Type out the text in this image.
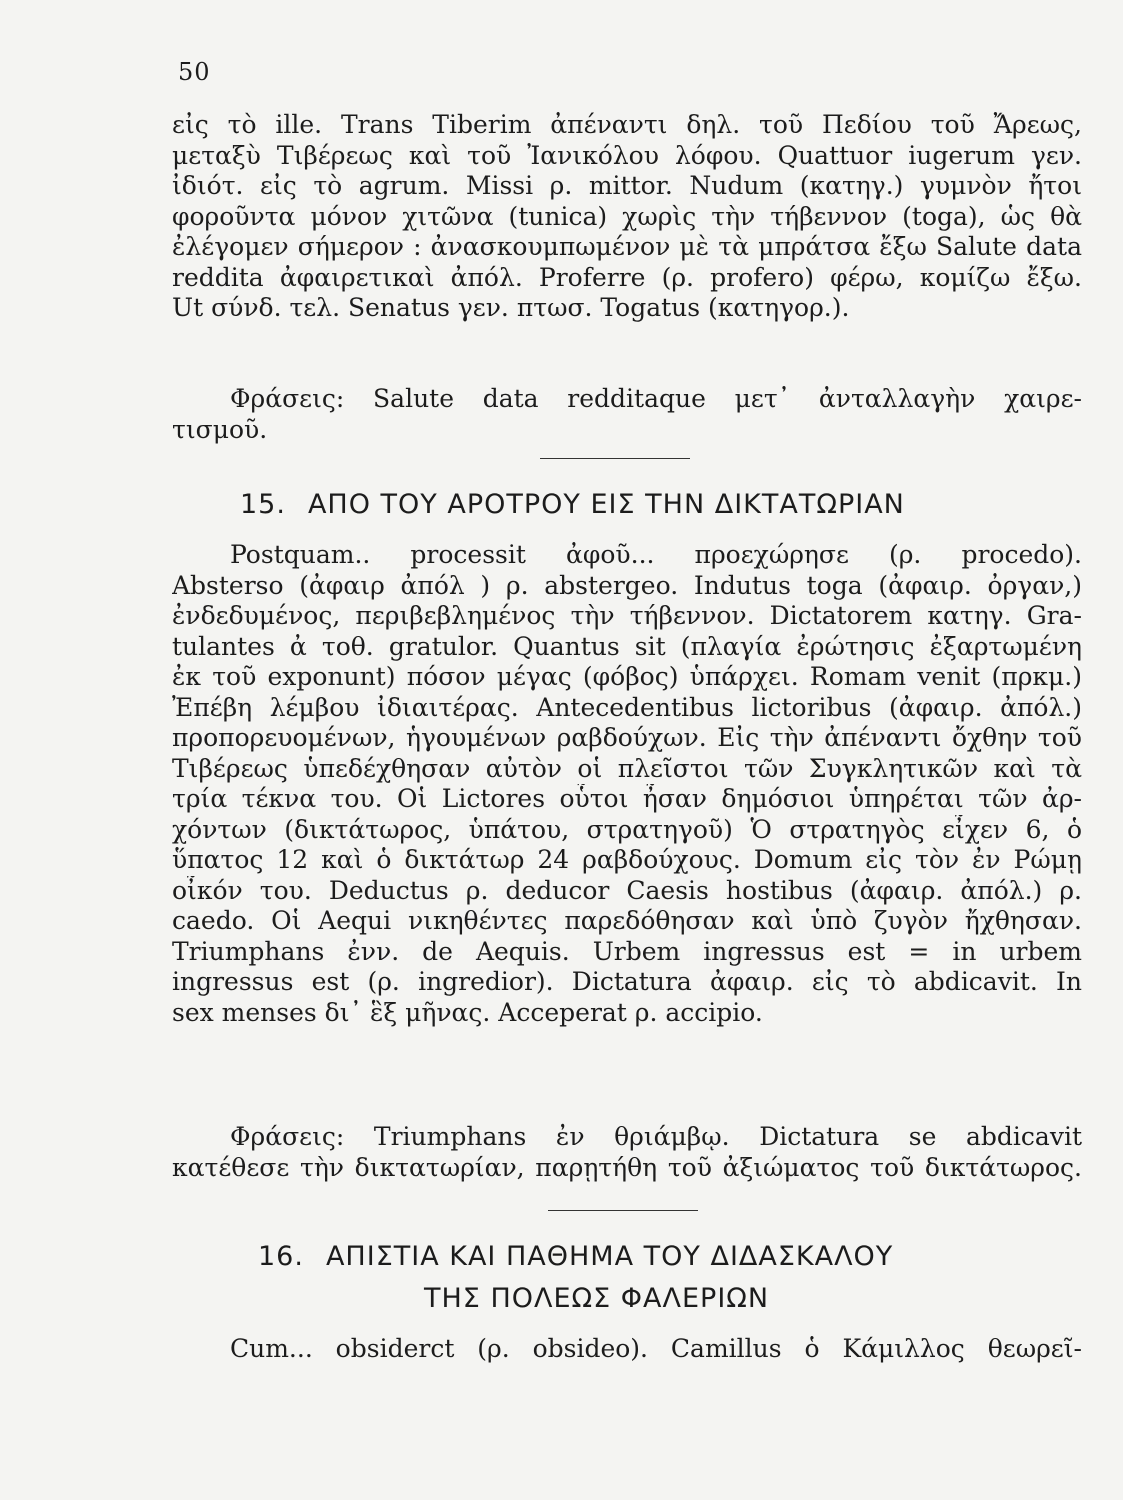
50
εἰς τὸ ille. Trans Tiberim ἀπέναντι δηλ. τοῦ Πεδίου τοῦ Ἄρεως,
μεταξὺ Τιβέρεως καὶ τοῦ Ἰανικόλου λόφου. Quattuor iugerum γεν.
ἰδιότ. εἰς τὸ agrum. Missi ρ. mittor. Nudum (κατηγ.) γυμνὸν ἤτοι
φοροῦντα μόνον χιτῶνα (tunica) χωρὶς τὴν τήβεννον (toga), ὡς θὰ
ἐλέγομεν σήμερον : ἀνασκουμπωμένον μὲ τὰ μπράτσα ἔξω Salute data
reddita ἀφαιρετικαὶ ἀπόλ. Proferre (ρ. profero) φέρω, κομίζω ἔξω.
Ut σύνδ. τελ. Senatus γεν. πτωσ. Togatus (κατηγορ.).
Φράσεις: Salute data redditaque μετ᾽ ἀνταλλαγὴν χαιρε-
τισμοῦ.
15. ΑΠΟ ΤΟΥ ΑΡΟΤΡΟΥ ΕΙΣ ΤΗΝ ΔΙΚΤΑΤΩΡΙΑΝ
Postquam.. processit ἀφοῦ... προεχώρησε (ρ. procedo).
Absterso (ἀφαιρ ἀπόλ ) ρ. abstergeo. Indutus toga (ἀφαιρ. ὀργαν,)
ἐνδεδυμένος, περιβεβλημένος τὴν τήβεννον. Dictatorem κατηγ. Gra-
tulantes ἀ τοθ. gratulor. Quantus sit (πλαγία ἐρώτησις ἐξαρτωμένη
ἐκ τοῦ exponunt) πόσον μέγας (φόβος) ὑπάρχει. Romam venit (πρκμ.)
Ἐπέβη λέμβου ἰδιαιτέρας. Antecedentibus lictoribus (ἀφαιρ. ἀπόλ.)
προπορευομένων, ἡγουμένων ραβδούχων. Εἰς τὴν ἀπέναντι ὄχθην τοῦ
Τιβέρεως ὑπεδέχθησαν αὐτὸν οἱ πλεῖστοι τῶν Συγκλητικῶν καὶ τὰ
τρία τέκνα του. Οἱ Lictores οὗτοι ἦσαν δημόσιοι ὑπηρέται τῶν ἀρ-
χόντων (δικτάτωρος, ὑπάτου, στρατηγοῦ) Ὁ στρατηγὸς εἶχεν 6, ὁ
ὕπατος 12 καὶ ὁ δικτάτωρ 24 ραβδούχους. Domum εἰς τὸν ἐν Ρώμῃ
οἶκόν του. Deductus ρ. deducor Caesis hostibus (ἀφαιρ. ἀπόλ.) ρ.
caedo. Οἱ Aequi νικηθέντες παρεδόθησαν καὶ ὑπὸ ζυγὸν ἤχθησαν.
Triumphans ἐνν. de Aequis. Urbem ingressus est = in urbem
ingressus est (ρ. ingredior). Dictatura ἀφαιρ. εἰς τὸ abdicavit. In
sex menses δι᾽ ἓξ μῆνας. Acceperat ρ. accipio.
Φράσεις: Triumphans ἐν θριάμβῳ. Dictatura se abdicavit
κατέθεσε τὴν δικτατωρίαν, παρῃτήθη τοῦ ἀξιώματος τοῦ δικτάτωρος.
16. ΑΠΙΣΤΙΑ ΚΑΙ ΠΑΘΗΜΑ ΤΟΥ ΔΙΔΑΣΚΑΛΟΥ
ΤΗΣ ΠΟΛΕΩΣ ΦΑΛΕΡΙΩΝ
Cum... obsiderct (ρ. obsideo). Camillus ὁ Κάμιλλος θεωρεῖ-
